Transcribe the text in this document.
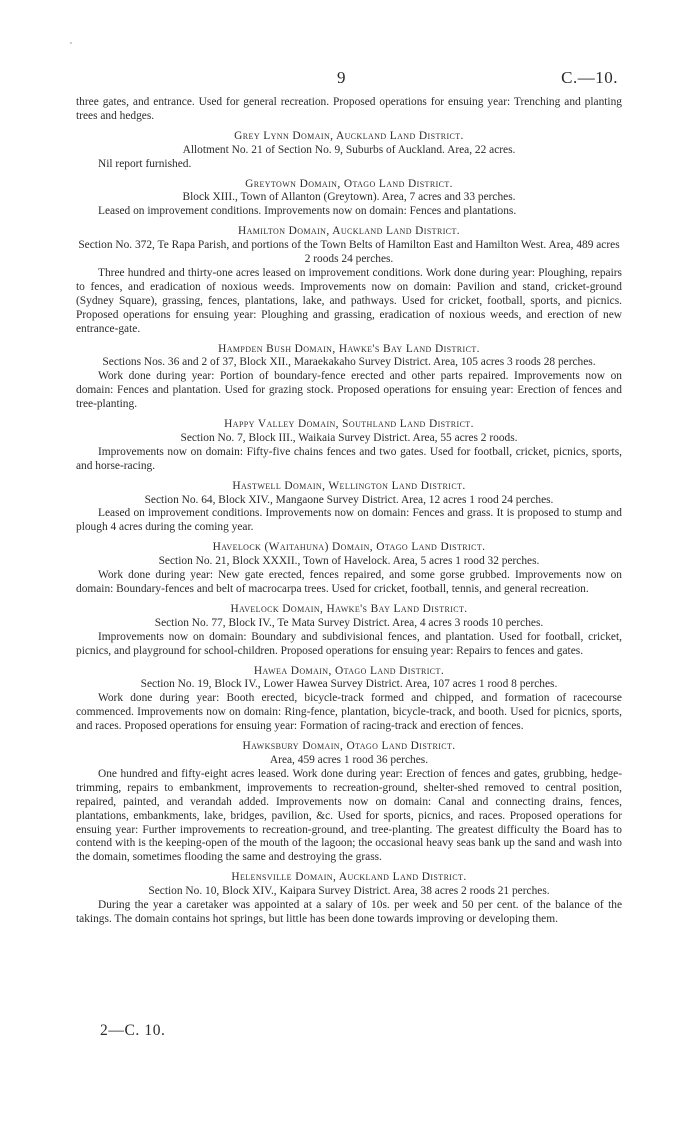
9	C.—10.

three gates, and entrance. Used for general recreation. Proposed operations for ensuing year: Trenching and planting trees and hedges.

Grey Lynn Domain, Auckland Land District.

Allotment No. 21 of Section No. 9, Suburbs of Auckland. Area, 22 acres.

Nil report furnished.

Greytown Domain, Otago Land District.

Block XIII., Town of Allanton (Greytown). Area, 7 acres and 33 perches.

Leased on improvement conditions. Improvements now on domain: Fences and plantations.

Hamilton Domain, Auckland Land District.

Section No. 372, Te Rapa Parish, and portions of the Town Belts of Hamilton East and Hamilton West. Area, 489 acres 2 roods 24 perches.

Three hundred and thirty-one acres leased on improvement conditions. Work done during year: Ploughing, repairs to fences, and eradication of noxious weeds. Improvements now on domain: Pavilion and stand, cricket-ground (Sydney Square), grassing, fences, plantations, lake, and pathways. Used for cricket, football, sports, and picnics. Proposed operations for ensuing year: Ploughing and grassing, eradication of noxious weeds, and erection of new entrance-gate.

Hampden Bush Domain, Hawke's Bay Land District.

Sections Nos. 36 and 2 of 37, Block XII., Maraekakaho Survey District. Area, 105 acres 3 roods 28 perches.

Work done during year: Portion of boundary-fence erected and other parts repaired. Improvements now on domain: Fences and plantation. Used for grazing stock. Proposed operations for ensuing year: Erection of fences and tree-planting.

Happy Valley Domain, Southland Land District.

Section No. 7, Block III., Waikaia Survey District. Area, 55 acres 2 roods.

Improvements now on domain: Fifty-five chains fences and two gates. Used for football, cricket, picnics, sports, and horse-racing.

Hastwell Domain, Wellington Land District.

Section No. 64, Block XIV., Mangaone Survey District. Area, 12 acres 1 rood 24 perches.

Leased on improvement conditions. Improvements now on domain: Fences and grass. It is proposed to stump and plough 4 acres during the coming year.

Havelock (Waitahuna) Domain, Otago Land District.

Section No. 21, Block XXXII., Town of Havelock. Area, 5 acres 1 rood 32 perches.

Work done during year: New gate erected, fences repaired, and some gorse grubbed. Improvements now on domain: Boundary-fences and belt of macrocarpa trees. Used for cricket, football, tennis, and general recreation.

Havelock Domain, Hawke's Bay Land District.

Section No. 77, Block IV., Te Mata Survey District. Area, 4 acres 3 roods 10 perches.

Improvements now on domain: Boundary and subdivisional fences, and plantation. Used for football, cricket, picnics, and playground for school-children. Proposed operations for ensuing year: Repairs to fences and gates.

Hawea Domain, Otago Land District.

Section No. 19, Block IV., Lower Hawea Survey District. Area, 107 acres 1 rood 8 perches.

Work done during year: Booth erected, bicycle-track formed and chipped, and formation of racecourse commenced. Improvements now on domain: Ring-fence, plantation, bicycle-track, and booth. Used for picnics, sports, and races. Proposed operations for ensuing year: Formation of racing-track and erection of fences.

Hawksbury Domain, Otago Land District.

Area, 459 acres 1 rood 36 perches.

One hundred and fifty-eight acres leased. Work done during year: Erection of fences and gates, grubbing, hedge-trimming, repairs to embankment, improvements to recreation-ground, shelter-shed removed to central position, repaired, painted, and verandah added. Improvements now on domain: Canal and connecting drains, fences, plantations, embankments, lake, bridges, pavilion, &c. Used for sports, picnics, and races. Proposed operations for ensuing year: Further improvements to recreation-ground, and tree-planting. The greatest difficulty the Board has to contend with is the keeping-open of the mouth of the lagoon; the occasional heavy seas bank up the sand and wash into the domain, sometimes flooding the same and destroying the grass.

Helensville Domain, Auckland Land District.

Section No. 10, Block XIV., Kaipara Survey District. Area, 38 acres 2 roods 21 perches.

During the year a caretaker was appointed at a salary of 10s. per week and 50 per cent. of the balance of the takings. The domain contains hot springs, but little has been done towards improving or developing them.

2—C. 10.
